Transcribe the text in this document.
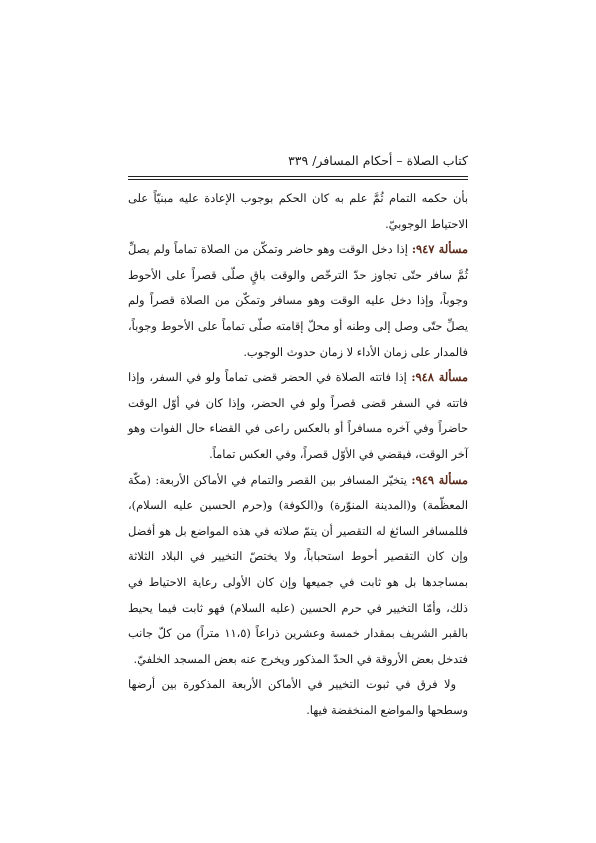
كتاب الصلاة – أحكام المسافر/ ٣٣٩

بأن حكمه التمام ثُمَّ علم به كان الحكم بوجوب الإعادة عليه مبنيّاً على الاحتياط الوجوبيّ.

مسألة ٩٤٧: إذا دخل الوقت وهو حاضر وتمكّن من الصلاة تماماً ولم يصلِّ ثُمَّ سافر حتّى تجاوز حدّ الترخّص والوقت باقٍ صلّى قصراً على الأحوط وجوباً، وإذا دخل عليه الوقت وهو مسافر وتمكّن من الصلاة قصراً ولم يصلِّ حتّى وصل إلى وطنه أو محلّ إقامته صلّى تماماً على الأحوط وجوباً، فالمدار على زمان الأداء لا زمان حدوث الوجوب.

مسألة ٩٤٨: إذا فاتته الصلاة في الحضر قضى تماماً ولو في السفر، وإذا فاتته في السفر قضى قصراً ولو في الحضر، وإذا كان في أوّل الوقت حاضراً وفي آخره مسافراً أو بالعكس راعى في القضاء حال الفوات وهو آخر الوقت، فيقضي في الأوّل قصراً، وفي العكس تماماً.

مسألة ٩٤٩: يتخيّر المسافر بين القصر والتمام في الأماكن الأربعة: (مكّة المعظّمة) و(المدينة المنوّرة) و(الكوفة) و(حرم الحسين عليه السلام)، فللمسافر السائغ له التقصير أن يتمّ صلاته في هذه المواضع بل هو أفضل وإن كان التقصير أحوط استحباباً، ولا يختصّ التخيير في البلاد الثلاثة بمساجدها بل هو ثابت في جميعها وإن كان الأولى رعاية الاحتياط في ذلك، وأمّا التخيير في حرم الحسين (عليه السلام) فهو ثابت فيما يحيط بالقبر الشريف بمقدار خمسة وعشرين ذراعاً (١١،٥ متراً) من كلّ جانب فتدخل بعض الأروقة في الحدّ المذكور ويخرج عنه بعض المسجد الخلفيّ.

ولا فرق في ثبوت التخيير في الأماكن الأربعة المذكورة بين أرضها وسطحها والمواضع المنخفضة فيها.
